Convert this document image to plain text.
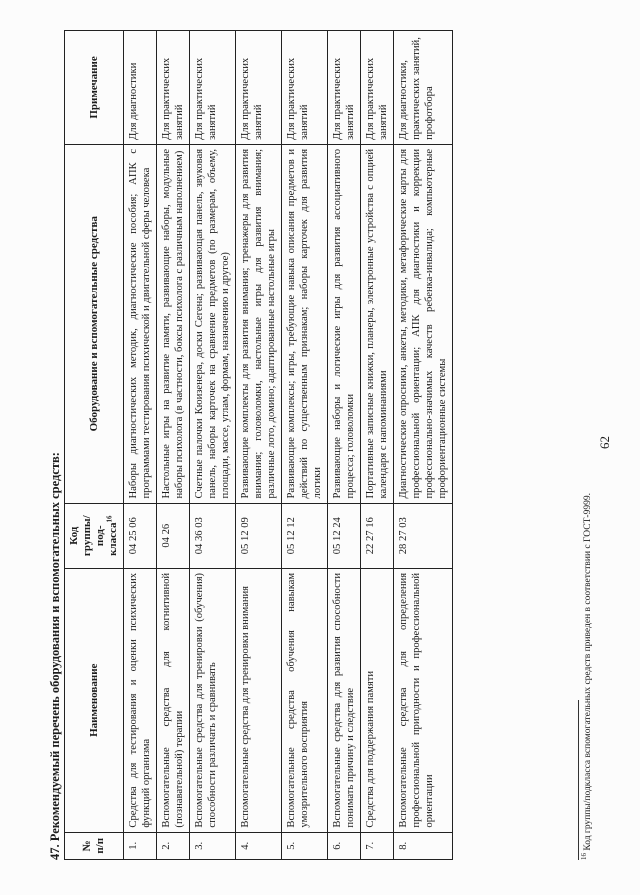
47. Рекомендуемый перечень оборудования и вспомогательных средств: № п/п	Наименование	Код группы/под-класса$^{16}$	Оборудование и вспомогательные средства	Примечание
1.	Средства для тестирования и оценки психических функций организма	04 25 06	Наборы диагностических методик, диагностические пособия; АПК с программами тестирования психической и двигательной сферы человека	Для диагностики
2.	Вспомогательные средства для когнитивной (познавательной) терапии	04 26	Настольные игры на развитие памяти, развивающие наборы, модульные наборы психолога (в частности, боксы психолога с различным наполнением)	Для практических занятий
3.	Вспомогательные средства для тренировки (обучения) способности различать и сравнивать	04 36 03	Счетные палочки Кюизенера, доски Сегена; развивающая панель, звуковая панель, наборы карточек на сравнение предметов (по размерам, объему, площади, массе, углам, формам, назначению и другое)	Для практических занятий
4.	Вспомогательные средства для тренировки внимания	05 12 09	Развивающие комплекты для развития внимания; тренажеры для развития внимания; головоломки, настольные игры для развития внимания; различные лото, домино; адаптированные настольные игры	Для практических занятий
5.	Вспомогательные средства обучения навыкам умозрительного восприятия	05 12 12	Развивающие комплексы; игры, требующие навыка описания предметов и действий по существенным признакам; наборы карточек для развития логики	Для практических занятий
6.	Вспомогательные средства для развития способности понимать причину и следствие	05 12 24	Развивающие наборы и логические игры для развития ассоциативного процесса; головоломки	Для практических занятий
7.	Средства для поддержания памяти	22 27 16	Портативные записные книжки, планеры, электронные устройства с опцией календаря с напоминаниями	Для практических занятий
8.	Вспомогательные средства для определения профессиональной пригодности и профессиональной ориентации	28 27 03	Диагностические опросники, анкеты, методики, метафорические карты для профессиональной ориентации; АПК для диагностики и коррекции профессионально-значимых качеств ребенка-инвалида; компьютерные профориентационные системы	Для диагностики, практических занятий, профотбора
$^{16}$ Код группы/подкласса вспомогательных средств приведен в соответствии с ГОСТ-9999.
62
